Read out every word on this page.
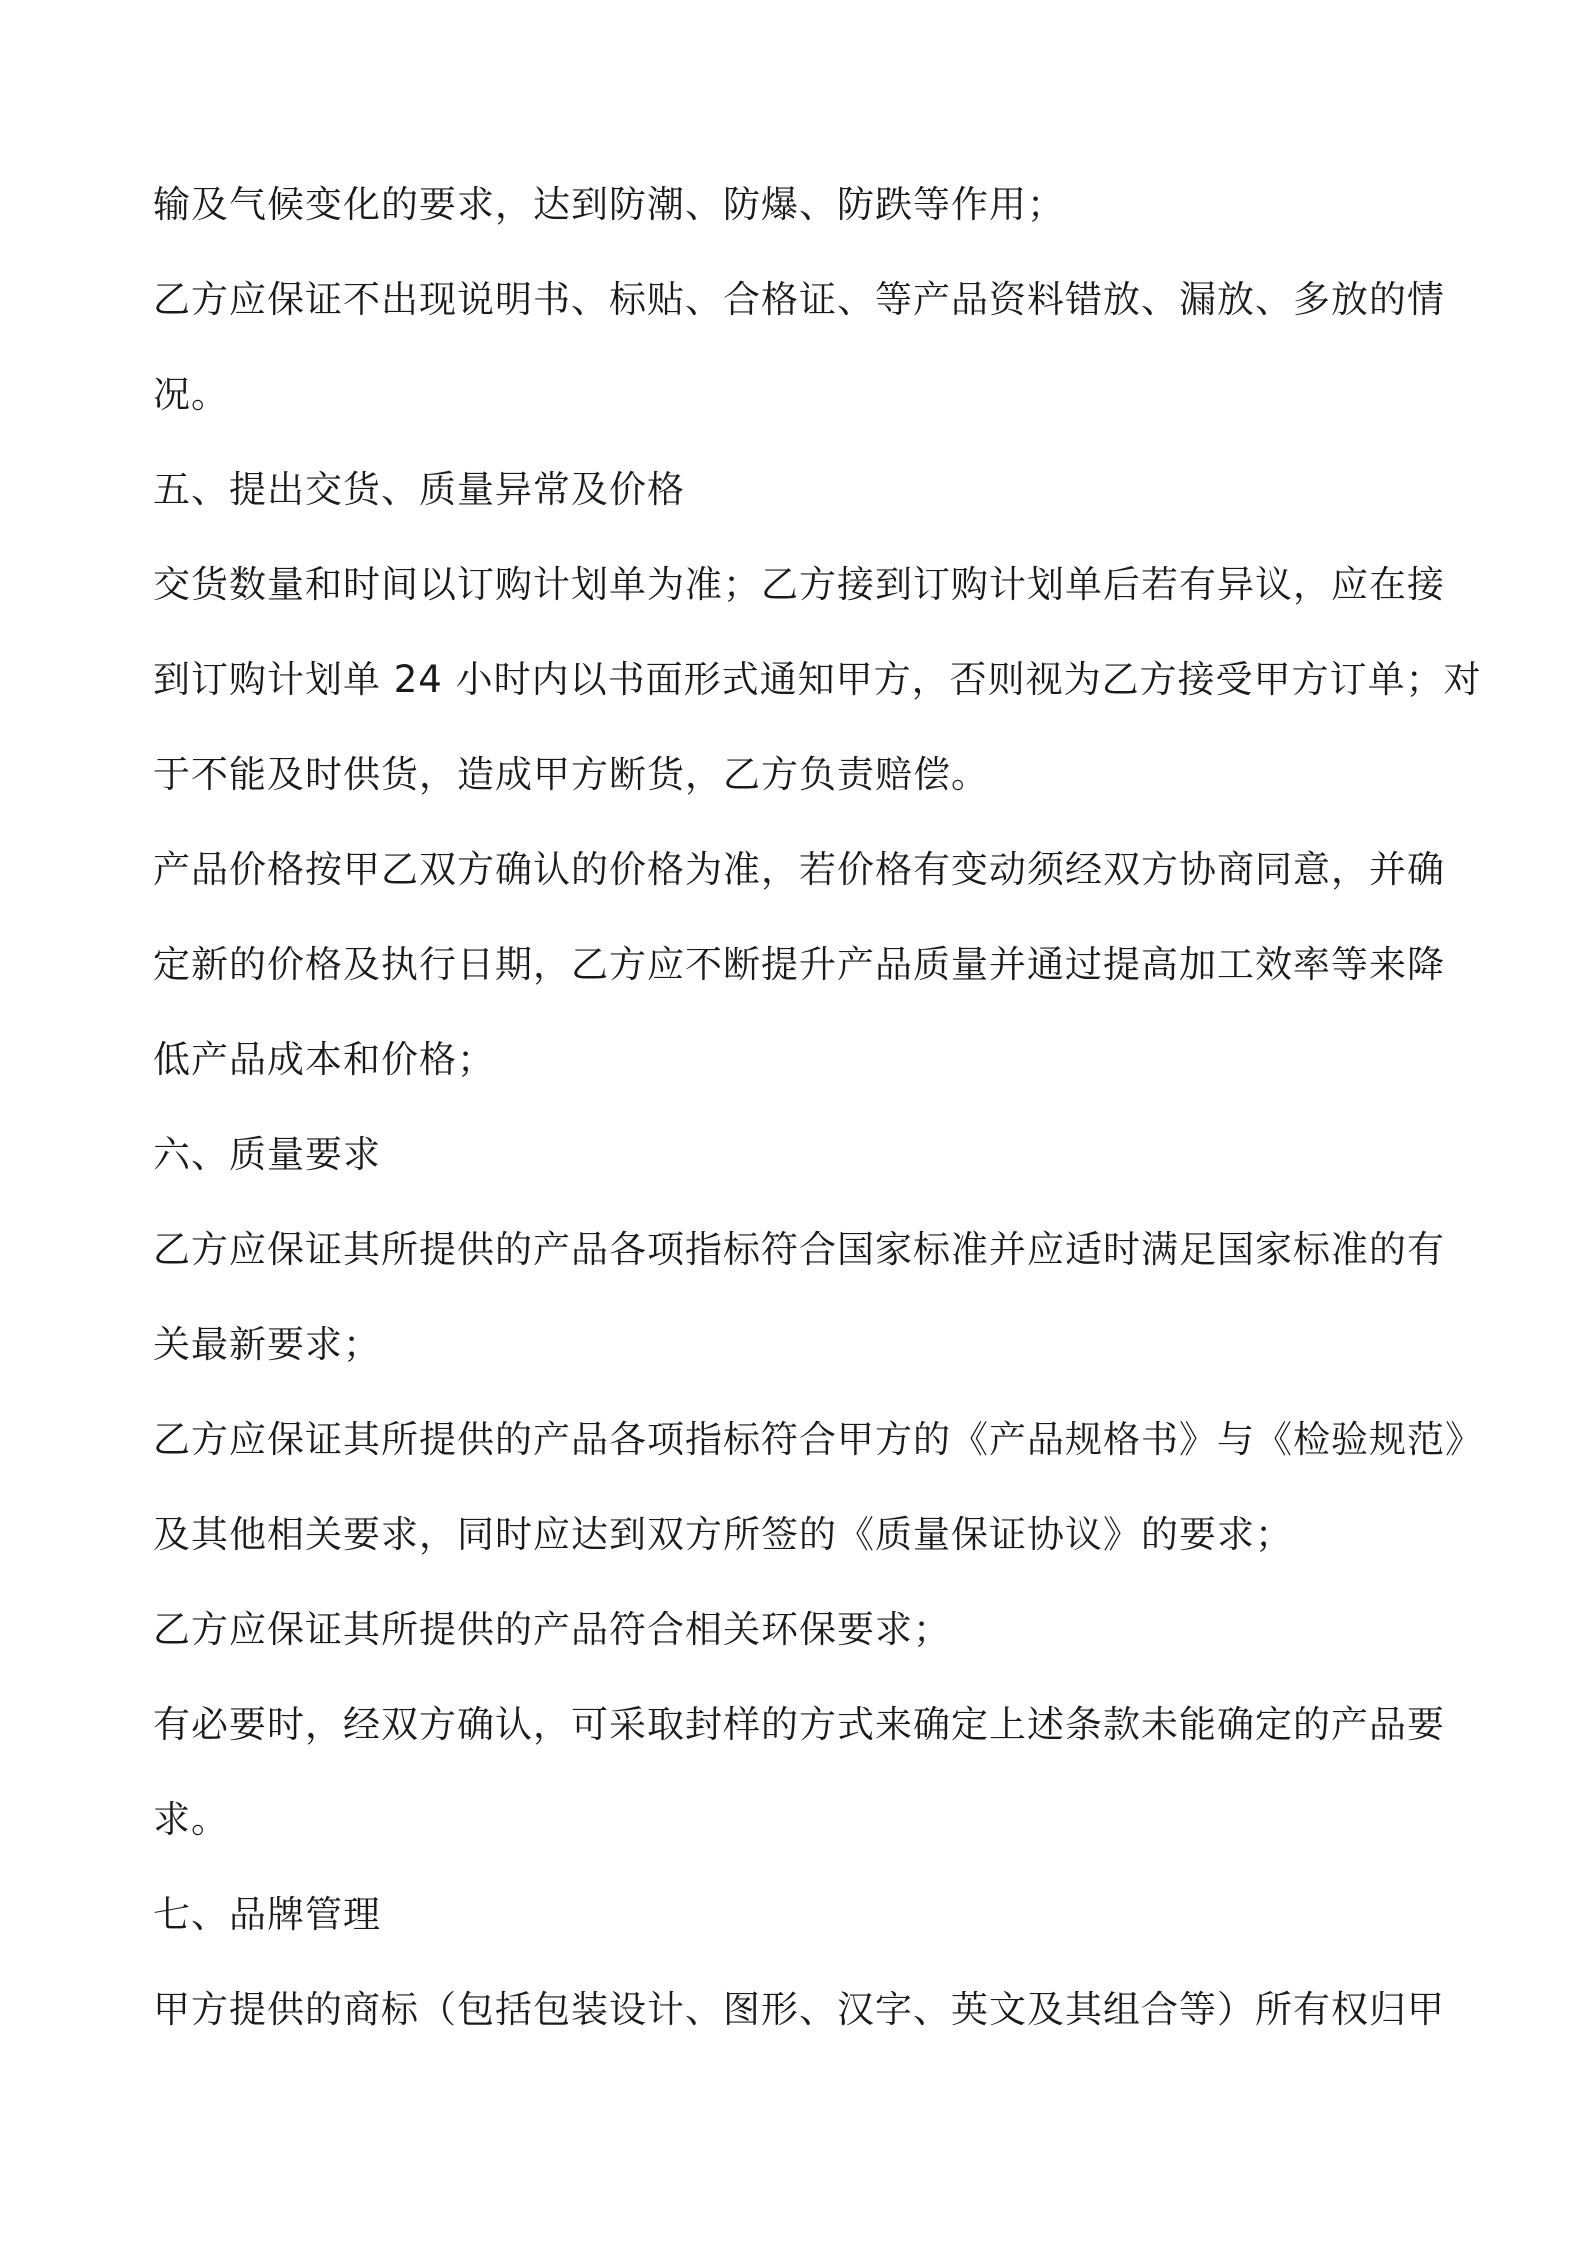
输及气候变化的要求，达到防潮、防爆、防跌等作用；
乙方应保证不出现说明书、标贴、合格证、等产品资料错放、漏放、多放的情
况。
五、提出交货、质量异常及价格
交货数量和时间以订购计划单为准；乙方接到订购计划单后若有异议，应在接
到订购计划单 24 小时内以书面形式通知甲方，否则视为乙方接受甲方订单；对
于不能及时供货，造成甲方断货，乙方负责赔偿。
产品价格按甲乙双方确认的价格为准，若价格有变动须经双方协商同意，并确
定新的价格及执行日期，乙方应不断提升产品质量并通过提高加工效率等来降
低产品成本和价格；
六、质量要求
乙方应保证其所提供的产品各项指标符合国家标准并应适时满足国家标准的有
关最新要求；
乙方应保证其所提供的产品各项指标符合甲方的《产品规格书》与《检验规范》
及其他相关要求，同时应达到双方所签的《质量保证协议》的要求；
乙方应保证其所提供的产品符合相关环保要求；
有必要时，经双方确认，可采取封样的方式来确定上述条款未能确定的产品要
求。
七、品牌管理
甲方提供的商标（包括包装设计、图形、汉字、英文及其组合等）所有权归甲
